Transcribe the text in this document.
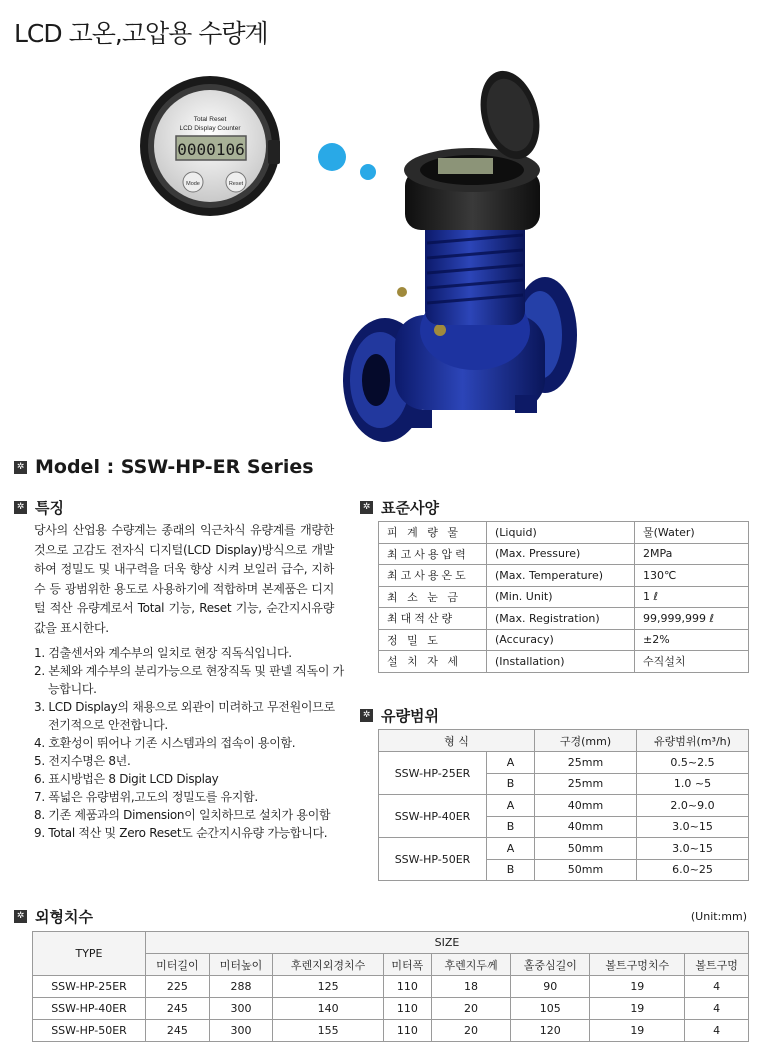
LCD 고온,고압용 수량계
Total Reset
LCD Display Counter
0000106
Mode	Reset
✲ Model : SSW-HP-ER Series
✲ 특징
당사의 산업용 수량계는 종래의 익근차식 유량계를 개량한 것으로 고감도 전자식 디지털(LCD Display)방식으로 개발하여 정밀도 및 내구력을 더욱 향상 시켜 보일러 급수, 지하수 등 광범위한 용도로 사용하기에 적합하며 본제품은 디지털 적산 유량계로서 Total 기능, Reset 기능, 순간지시유량값을 표시한다.
1. 검출센서와 계수부의 일치로 현장 직독식입니다.
2. 본체와 계수부의 분리가능으로 현장직독 및 판넬 직독이 가능합니다.
3. LCD Display의 채용으로 외관이 미려하고 무전원이므로 전기적으로 안전합니다.
4. 호환성이 뛰어나 기존 시스템과의 접속이 용이함.
5. 전지수명은 8년.
6. 표시방법은 8 Digit LCD Display
7. 폭넓은 유량범위,고도의 정밀도를 유지함.
8. 기존 제품과의 Dimension이 일치하므로 설치가 용이함
9. Total 적산 및 Zero Reset도 순간지시유량 가능합니다.
✲ 표준사양
피 계 량 물	(Liquid)	물(Water)
최고사용압력	(Max. Pressure)	2MPa
최고사용온도	(Max. Temperature)	130℃
최 소 눈 금	(Min. Unit)	1 ℓ
최대적산량	(Max. Registration)	99,999,999 ℓ
정 밀 도	(Accuracy)	±2%
설 치 자 세	(Installation)	수직설치
✲ 유량범위
형 식		구경(mm)	유량범위(m³/h)
SSW-HP-25ER	A	25mm	0.5~2.5
	B	25mm	1.0 ~5
SSW-HP-40ER	A	40mm	2.0~9.0
	B	40mm	3.0~15
SSW-HP-50ER	A	50mm	3.0~15
	B	50mm	6.0~25
✲ 외형치수	(Unit:mm)
TYPE	SIZE							
	미터길이	미터높이	후렌지외경치수	미터폭	후렌지두께	홀중심길이	볼트구멍치수	볼트구멍
SSW-HP-25ER	225	288	125	110	18	90	19	4
SSW-HP-40ER	245	300	140	110	20	105	19	4
SSW-HP-50ER	245	300	155	110	20	120	19	4
